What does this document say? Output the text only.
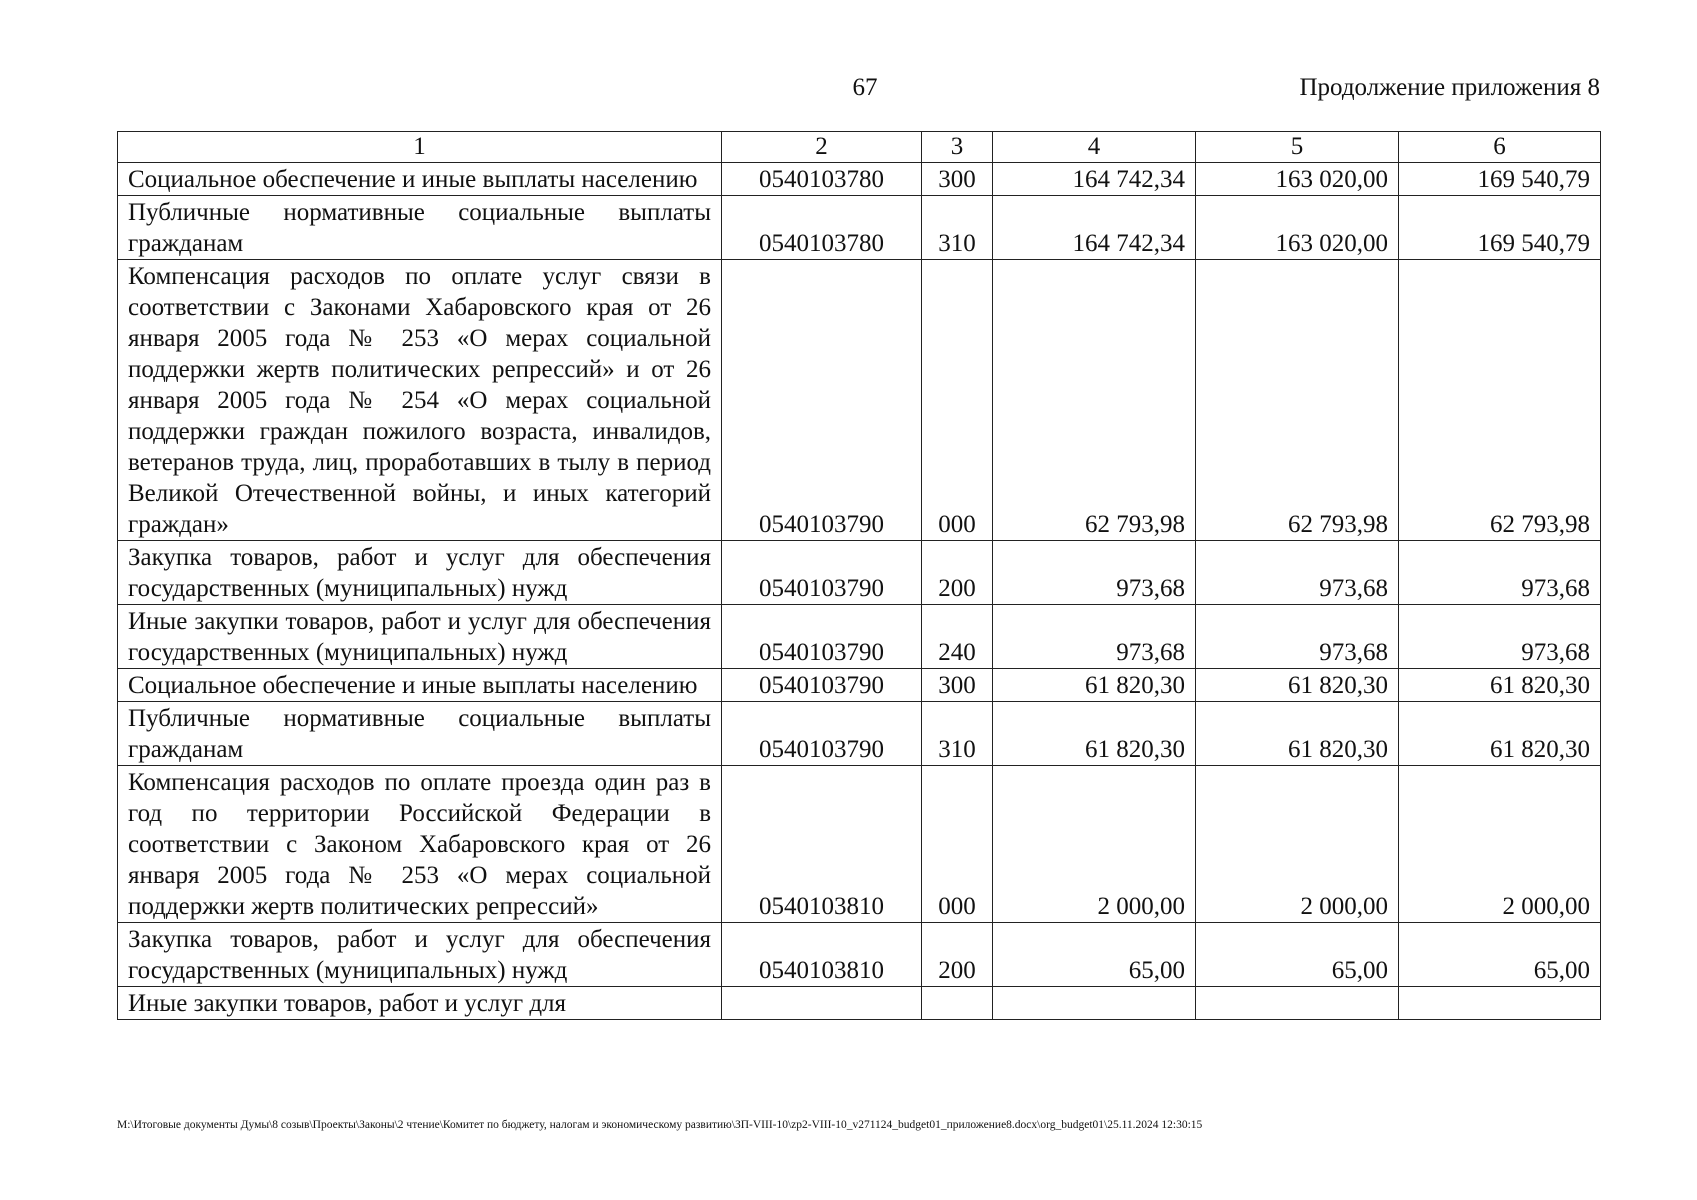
67	Продолжение приложения 8
1	2	3	4	5	6
Социальное обеспечение и иные выплаты населению	0540103780	300	164 742,34	163 020,00	169 540,79
Публичные нормативные социальные выплаты гражданам	0540103780	310	164 742,34	163 020,00	169 540,79
Компенсация расходов по оплате услуг связи в соответствии с Законами Хабаровского края от 26 января 2005 года № 253 «О мерах социальной поддержки жертв политических репрессий» и от 26 января 2005 года № 254 «О мерах социальной поддержки граждан пожилого возраста, инвалидов, ветеранов труда, лиц, проработавших в тылу в период Великой Отечественной войны, и иных категорий граждан»	0540103790	000	62 793,98	62 793,98	62 793,98
Закупка товаров, работ и услуг для обеспечения государственных (муниципальных) нужд	0540103790	200	973,68	973,68	973,68
Иные закупки товаров, работ и услуг для обеспечения государственных (муниципальных) нужд	0540103790	240	973,68	973,68	973,68
Социальное обеспечение и иные выплаты населению	0540103790	300	61 820,30	61 820,30	61 820,30
Публичные нормативные социальные выплаты гражданам	0540103790	310	61 820,30	61 820,30	61 820,30
Компенсация расходов по оплате проезда один раз в год по территории Российской Федерации в соответствии с Законом Хабаровского края от 26 января 2005 года № 253 «О мерах социальной поддержки жертв политических репрессий»	0540103810	000	2 000,00	2 000,00	2 000,00
Закупка товаров, работ и услуг для обеспечения государственных (муниципальных) нужд	0540103810	200	65,00	65,00	65,00
Иные закупки товаров, работ и услуг для					
M:\Итоговые документы Думы\8 созыв\Проекты\Законы\2 чтение\Комитет по бюджету, налогам и экономическому развитию\ЗП-VIII-10\zp2-VIII-10_v271124_budget01_приложение8.docx\org_budget01\25.11.2024 12:30:15
